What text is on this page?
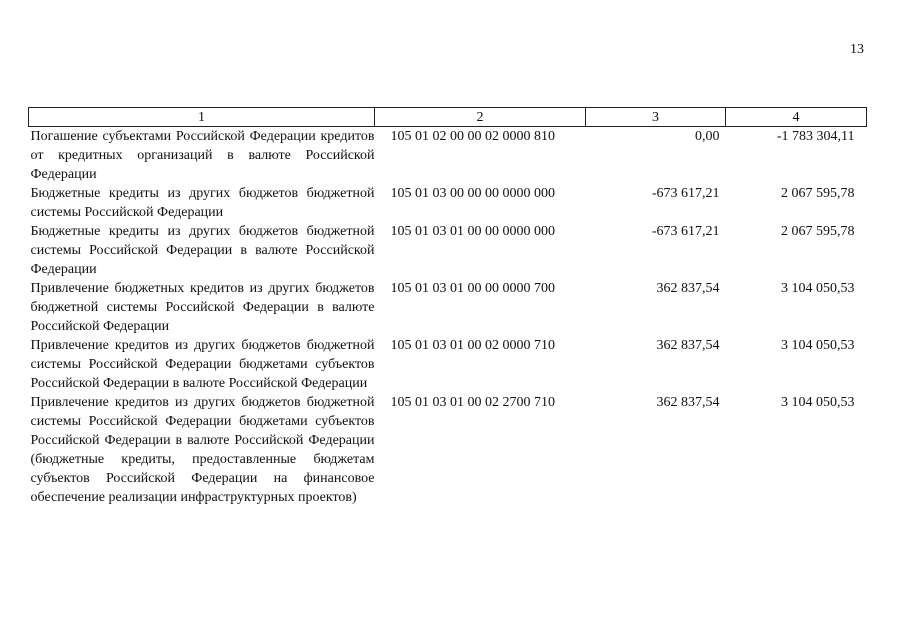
13
1	2	3	4
Погашение субъектами Российской Федерации кредитов от кредитных организаций в валюте Российской Федерации	105 01 02 00 00 02 0000 810	0,00	-1 783 304,11
Бюджетные кредиты из других бюджетов бюджетной системы Российской Федерации	105 01 03 00 00 00 0000 000	-673 617,21	2 067 595,78
Бюджетные кредиты из других бюджетов бюджетной системы Российской Федерации в валюте Российской Федерации	105 01 03 01 00 00 0000 000	-673 617,21	2 067 595,78
Привлечение бюджетных кредитов из других бюджетов бюджетной системы Российской Федерации в валюте Российской Федерации	105 01 03 01 00 00 0000 700	362 837,54	3 104 050,53
Привлечение кредитов из других бюджетов бюджетной системы Российской Федерации бюджетами субъектов Российской Федерации в валюте Российской Федерации	105 01 03 01 00 02 0000 710	362 837,54	3 104 050,53
Привлечение кредитов из других бюджетов бюджетной системы Российской Федерации бюджетами субъектов Российской Федерации в валюте Российской Федерации (бюджетные кредиты, предоставленные бюджетам субъектов Российской Федерации на финансовое обеспечение реализации инфраструктурных проектов)	105 01 03 01 00 02 2700 710	362 837,54	3 104 050,53
